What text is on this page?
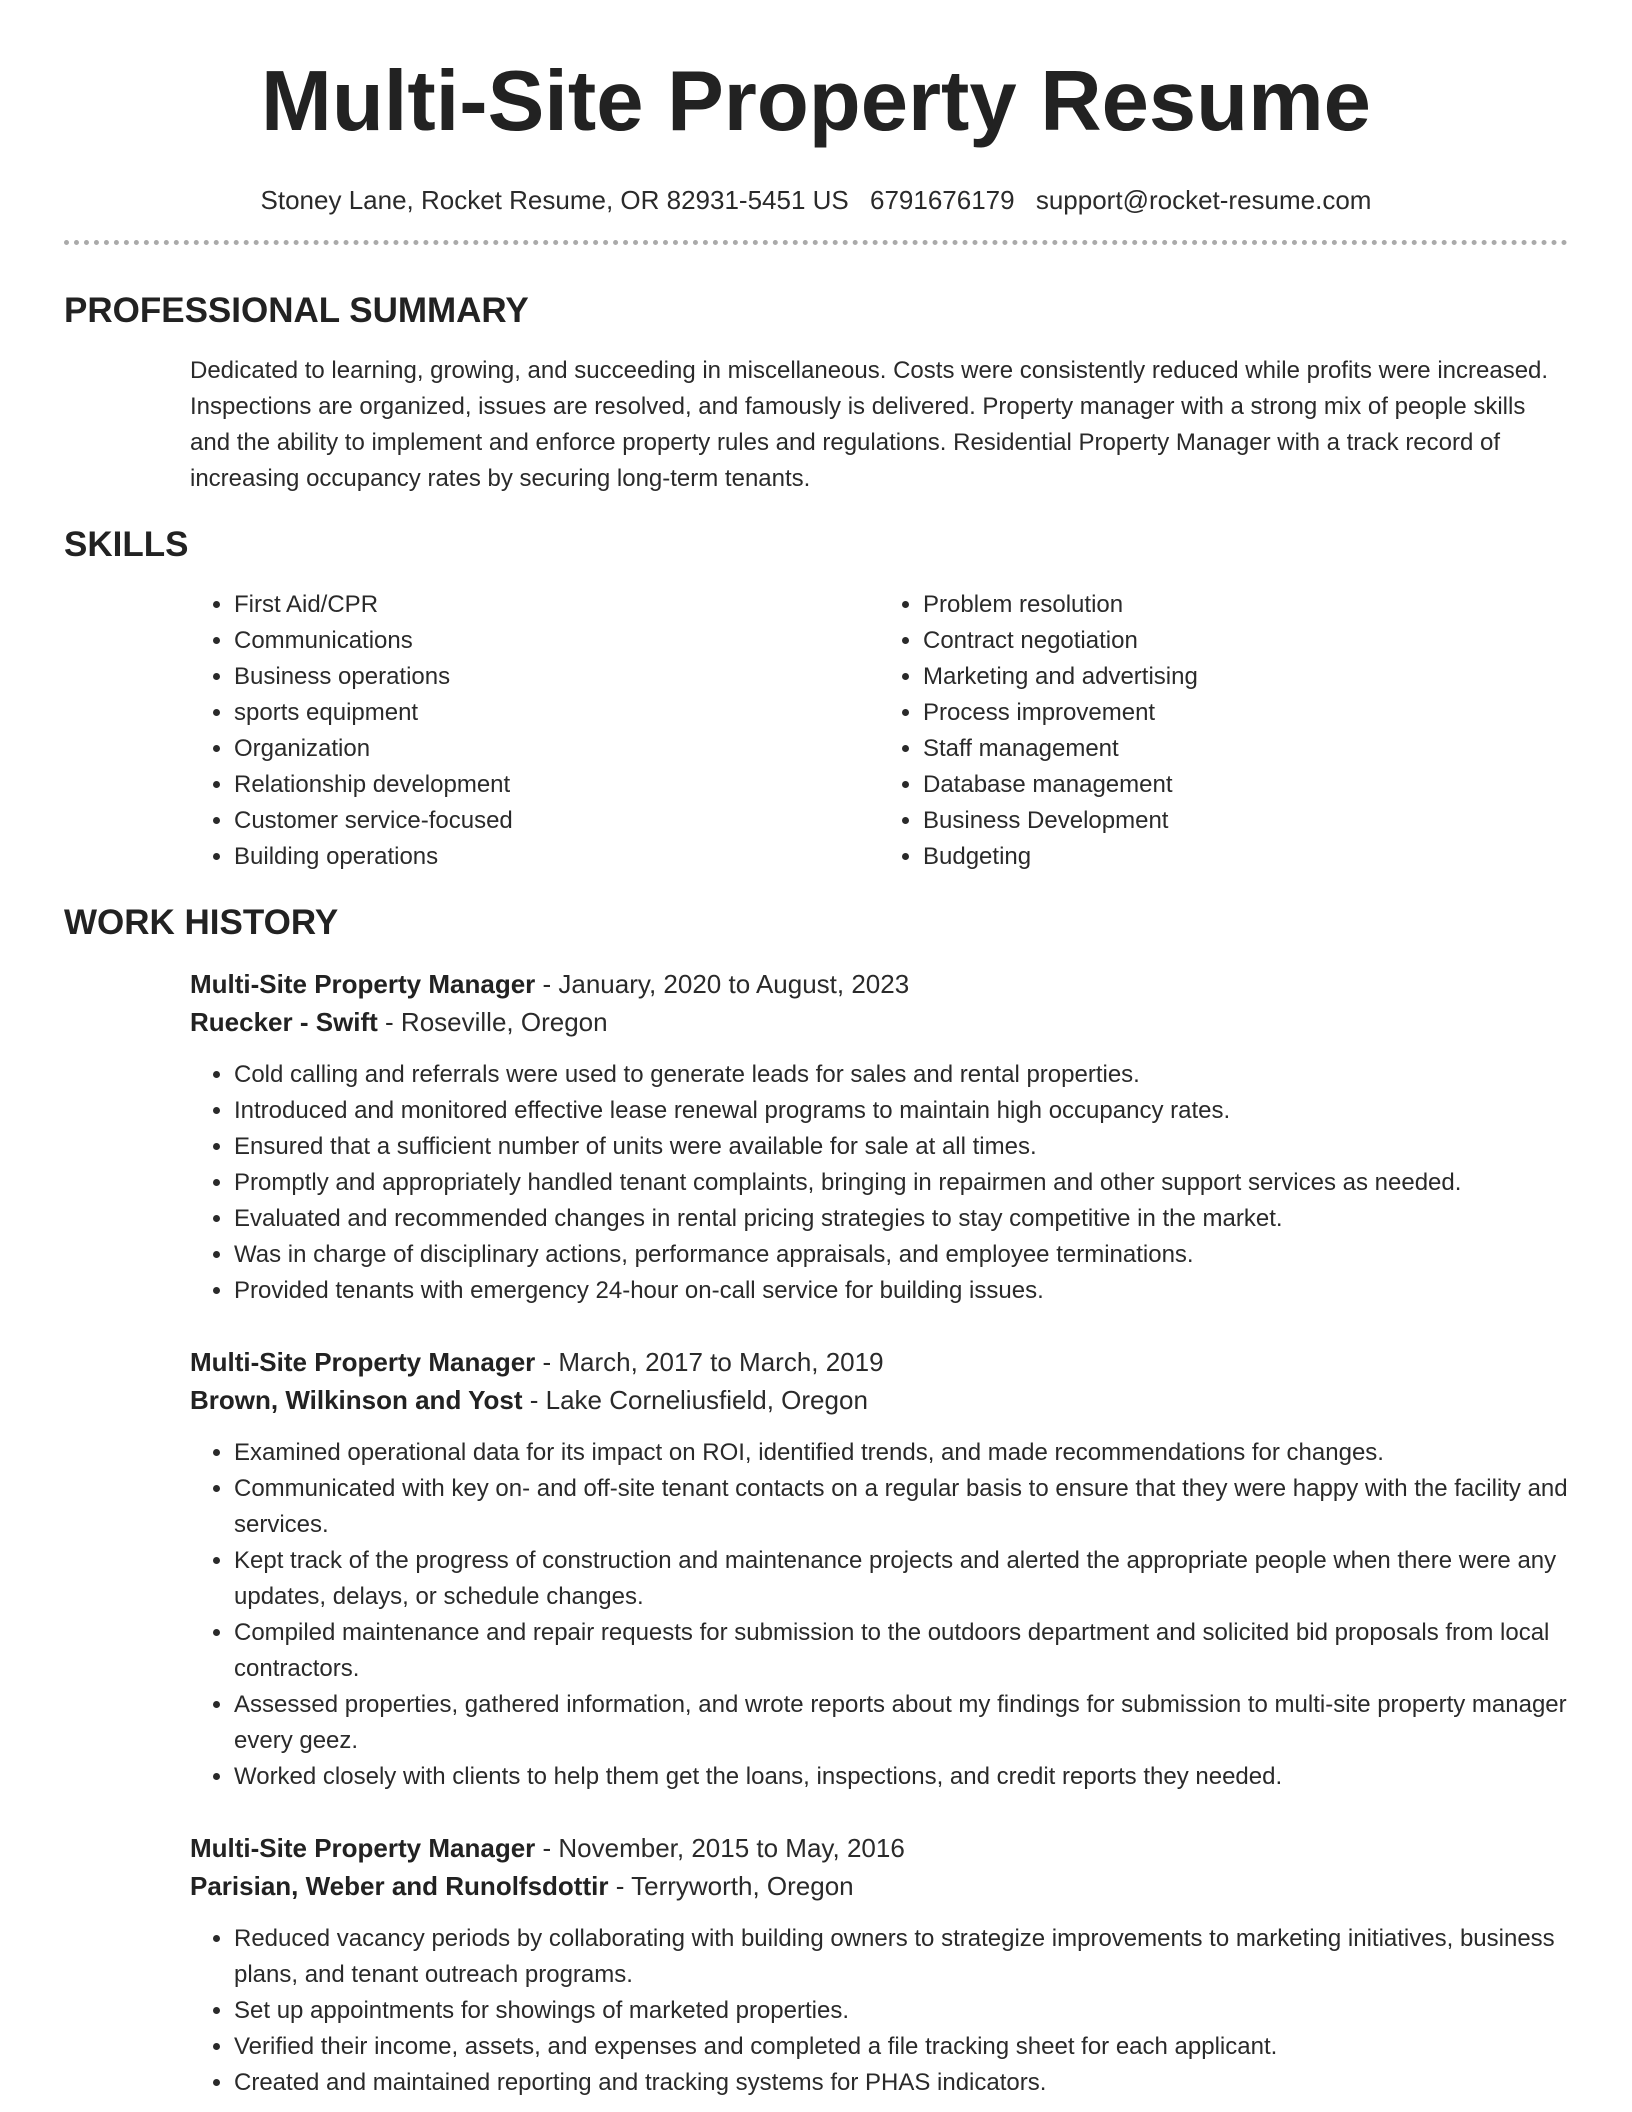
Multi-Site Property Resume
Stoney Lane, Rocket Resume, OR 82931-5451 US 6791676179 support@rocket-resume.com
PROFESSIONAL SUMMARY

Dedicated to learning, growing, and succeeding in miscellaneous. Costs were consistently reduced while profits were increased. Inspections are organized, issues are resolved, and famously is delivered. Property manager with a strong mix of people skills and the ability to implement and enforce property rules and regulations. Residential Property Manager with a track record of increasing occupancy rates by securing long-term tenants.

SKILLS
• First Aid/CPR
• Communications
• Business operations
• sports equipment
• Organization
• Relationship development
• Customer service-focused
• Building operations
• Problem resolution
• Contract negotiation
• Marketing and advertising
• Process improvement
• Staff management
• Database management
• Business Development
• Budgeting
WORK HISTORY
Multi-Site Property Manager - January, 2020 to August, 2023
Ruecker - Swift - Roseville, Oregon
• Cold calling and referrals were used to generate leads for sales and rental properties.
• Introduced and monitored effective lease renewal programs to maintain high occupancy rates.
• Ensured that a sufficient number of units were available for sale at all times.
• Promptly and appropriately handled tenant complaints, bringing in repairmen and other support services as needed.
• Evaluated and recommended changes in rental pricing strategies to stay competitive in the market.
• Was in charge of disciplinary actions, performance appraisals, and employee terminations.
• Provided tenants with emergency 24-hour on-call service for building issues.
Multi-Site Property Manager - March, 2017 to March, 2019
Brown, Wilkinson and Yost - Lake Corneliusfield, Oregon
• Examined operational data for its impact on ROI, identified trends, and made recommendations for changes.
• Communicated with key on- and off-site tenant contacts on a regular basis to ensure that they were happy with the facility and services.
• Kept track of the progress of construction and maintenance projects and alerted the appropriate people when there were any updates, delays, or schedule changes.
• Compiled maintenance and repair requests for submission to the outdoors department and solicited bid proposals from local contractors.
• Assessed properties, gathered information, and wrote reports about my findings for submission to multi-site property manager every geez.
• Worked closely with clients to help them get the loans, inspections, and credit reports they needed.
Multi-Site Property Manager - November, 2015 to May, 2016
Parisian, Weber and Runolfsdottir - Terryworth, Oregon
• Reduced vacancy periods by collaborating with building owners to strategize improvements to marketing initiatives, business plans, and tenant outreach programs.
• Set up appointments for showings of marketed properties.
• Verified their income, assets, and expenses and completed a file tracking sheet for each applicant.
• Created and maintained reporting and tracking systems for PHAS indicators.
